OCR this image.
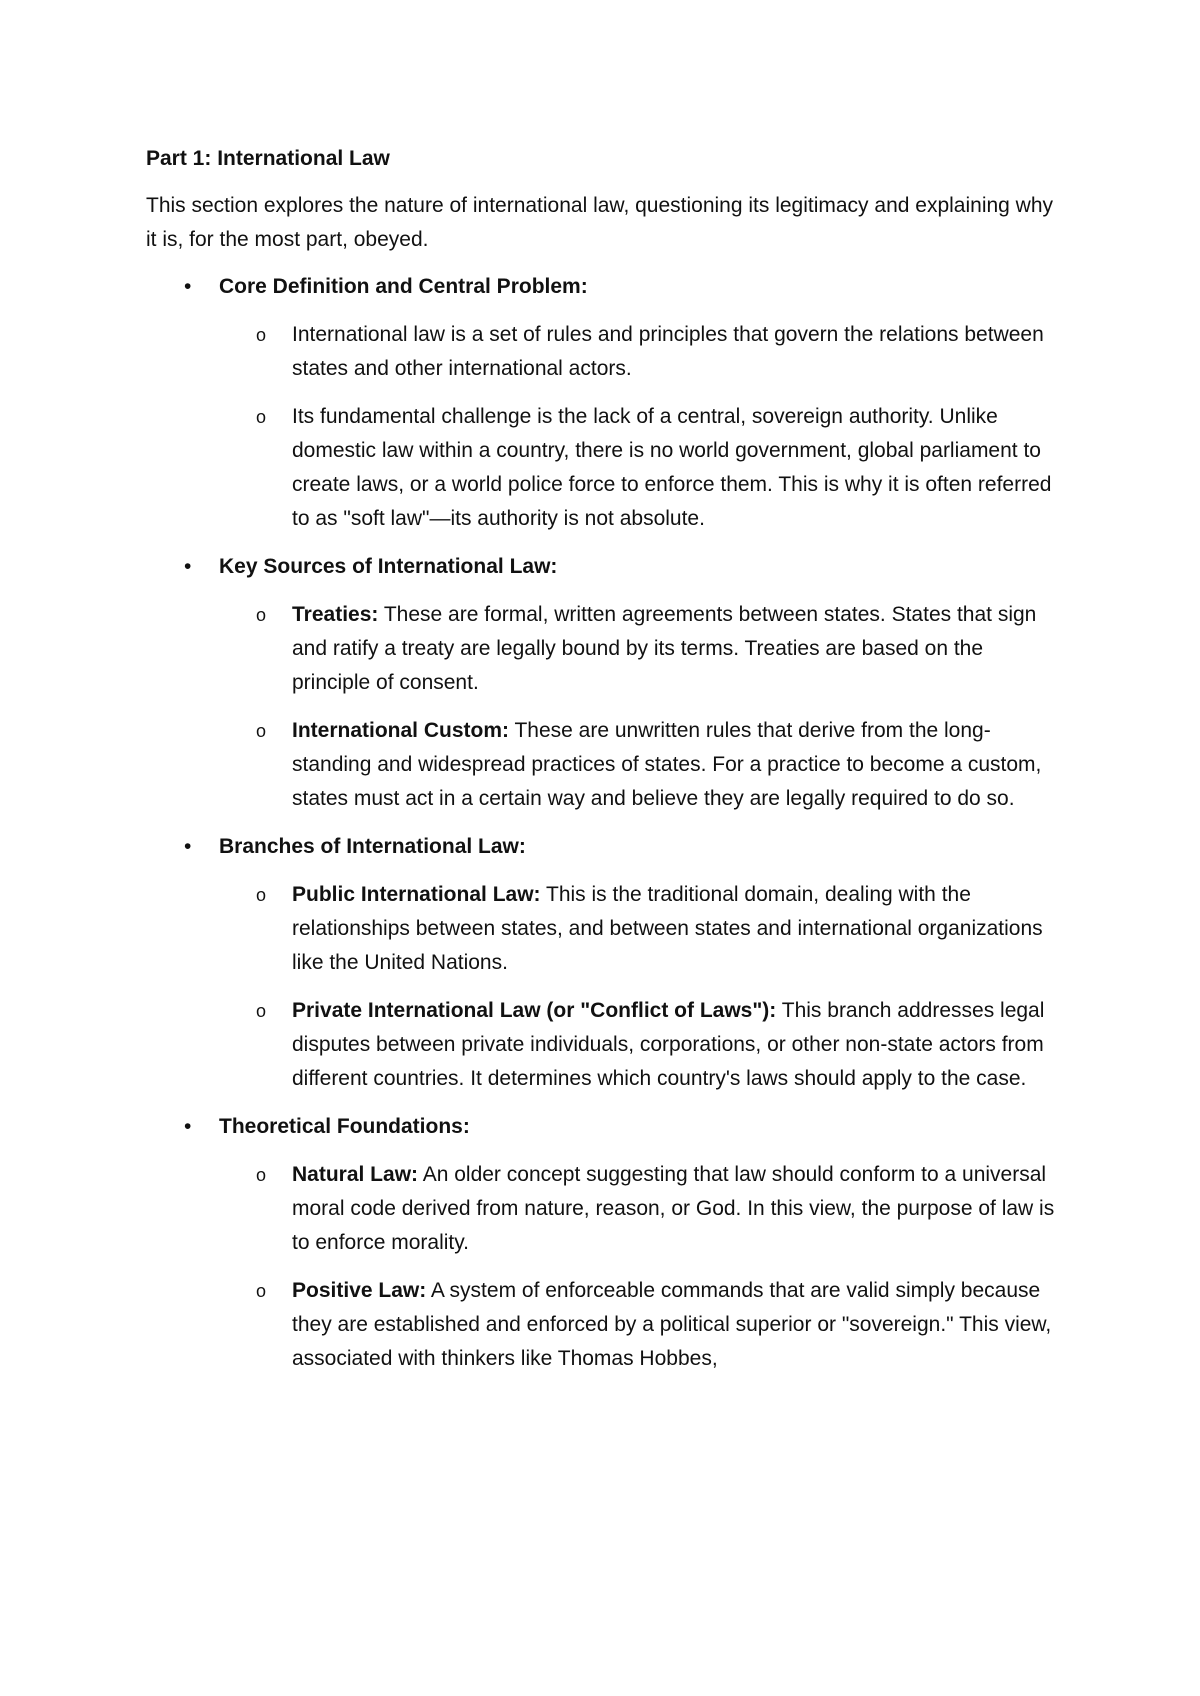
Part 1: International Law

This section explores the nature of international law, questioning its legitimacy and explaining why it is, for the most part, obeyed.

• Core Definition and Central Problem:
o International law is a set of rules and principles that govern the relations between states and other international actors.
o Its fundamental challenge is the lack of a central, sovereign authority. Unlike domestic law within a country, there is no world government, global parliament to create laws, or a world police force to enforce them. This is why it is often referred to as "soft law"—its authority is not absolute.
• Key Sources of International Law:
o Treaties: These are formal, written agreements between states. States that sign and ratify a treaty are legally bound by its terms. Treaties are based on the principle of consent.
o International Custom: These are unwritten rules that derive from the long-standing and widespread practices of states. For a practice to become a custom, states must act in a certain way and believe they are legally required to do so.
• Branches of International Law:
o Public International Law: This is the traditional domain, dealing with the relationships between states, and between states and international organizations like the United Nations.
o Private International Law (or "Conflict of Laws"): This branch addresses legal disputes between private individuals, corporations, or other non-state actors from different countries. It determines which country's laws should apply to the case.
• Theoretical Foundations:
o Natural Law: An older concept suggesting that law should conform to a universal moral code derived from nature, reason, or God. In this view, the purpose of law is to enforce morality.
o Positive Law: A system of enforceable commands that are valid simply because they are established and enforced by a political superior or "sovereign." This view, associated with thinkers like Thomas Hobbes,
